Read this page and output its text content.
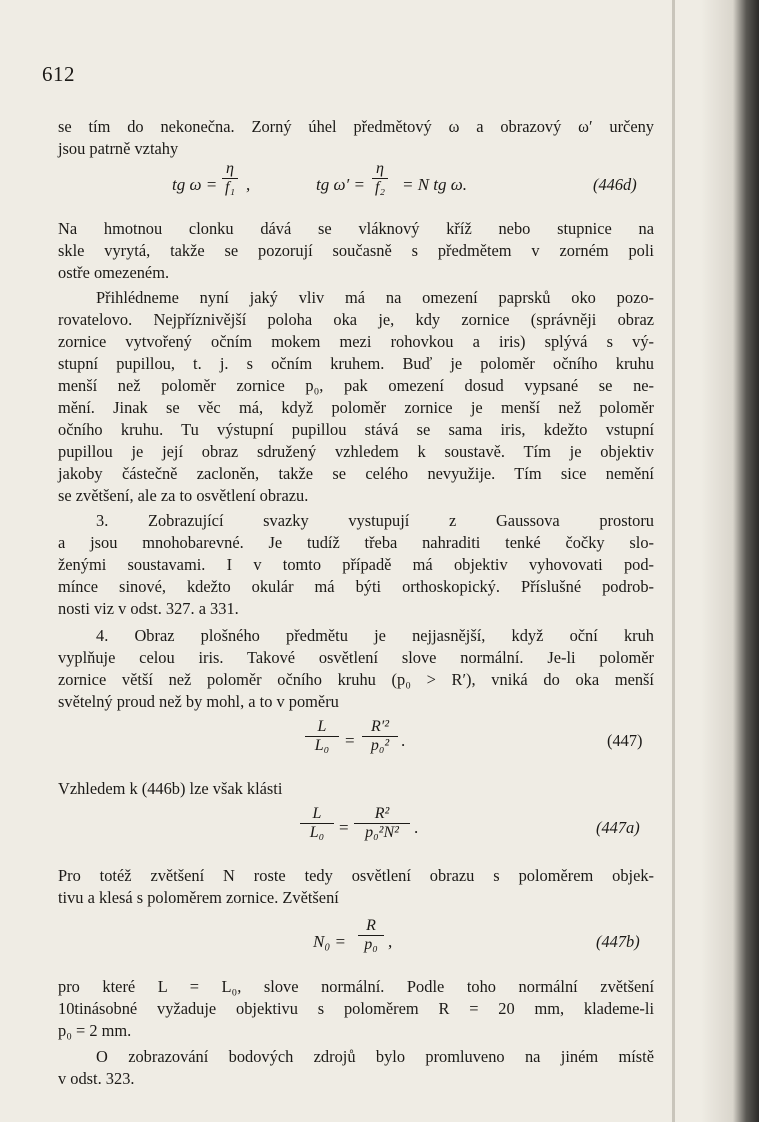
612
se tím do nekonečna. Zorný úhel předmětový ω a obrazový ω′ určeny
jsou patrně vztahy
tg ω =
η
f₁ ,	tg ω′ =
η
f₂ = N tg ω.	(446d)
Na hmotnou clonku dává se vláknový kříž nebo stupnice na
skle vyrytá, takže se pozorují současně s předmětem v zorném poli
ostře omezeném.
Přihlédneme nyní jaký vliv má na omezení paprsků oko pozo-
rovatelovo. Nejpříznivější poloha oka je, kdy zornice (správněji obraz
zornice vytvořený očním mokem mezi rohovkou a iris) splývá s vý-
stupní pupillou, t. j. s očním kruhem. Buď je poloměr očního kruhu
menší než poloměr zornice p₀, pak omezení dosud vypsané se ne-
mění. Jinak se věc má, když poloměr zornice je menší než poloměr
očního kruhu. Tu výstupní pupillou stává se sama iris, kdežto vstupní
pupillou je její obraz sdružený vzhledem k soustavě. Tím je objektiv
jakoby částečně zacloněn, takže se celého nevyužije. Tím sice nemění
se zvětšení, ale za to osvětlení obrazu.
3. Zobrazující svazky vystupují z Gaussova prostoru
a jsou mnohobarevné. Je tudíž třeba nahraditi tenké čočky slo-
ženými soustavami. I v tomto případě má objektiv vyhovovati pod-
mínce sinové, kdežto okulár má býti orthoskopický. Příslušné podrob-
nosti viz v odst. 327. a 331.
4. Obraz plošného předmětu je nejjasnější, když oční kruh
vyplňuje celou iris. Takové osvětlení slove normální. Je-li poloměr
zornice větší než poloměr očního kruhu (p₀ > R′), vniká do oka menší
světelný proud než by mohl, a to v poměru
L
L₀ =
R′²
p₀² .	(447)
Vzhledem k (446b) lze však klásti
L
L₀ =
R²
p₀²N² .	(447a)
Pro totéž zvětšení N roste tedy osvětlení obrazu s poloměrem objek-
tivu a klesá s poloměrem zornice. Zvětšení
N₀ =
R
p₀ ,	(447b)
pro které L = L₀, slove normální. Podle toho normální zvětšení
10tinásobné vyžaduje objektivu s poloměrem R = 20 mm, klademe-li
p₀ = 2 mm.
O zobrazování bodových zdrojů bylo promluveno na jiném místě
v odst. 323.
